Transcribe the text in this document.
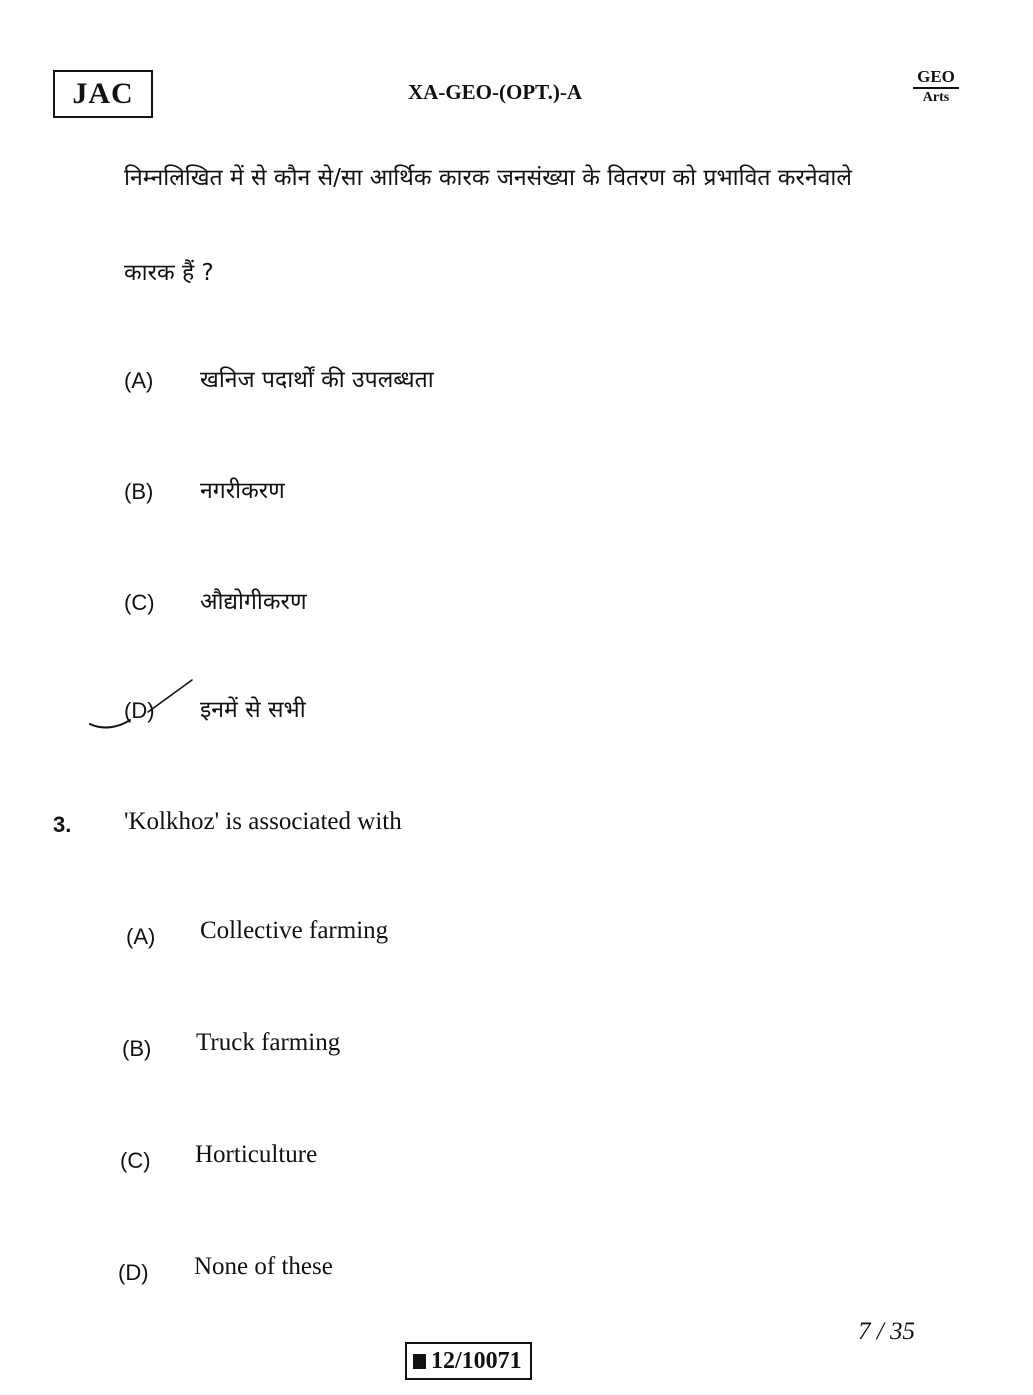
JAC	XA-GEO-(OPT.)-A
GEO
Arts
निम्नलिखित में से कौन से/सा आर्थिक कारक जनसंख्या के वितरण को प्रभावित करनेवाले
कारक हैं ?
(A) खनिज पदार्थों की उपलब्धता
(B) नगरीकरण
(C) औद्योगीकरण
(D) इनमें से सभी
3. 'Kolkhoz' is associated with
(A) Collective farming
(B) Truck farming
(C) Horticulture
(D) None of these
7 / 35
12/10071
